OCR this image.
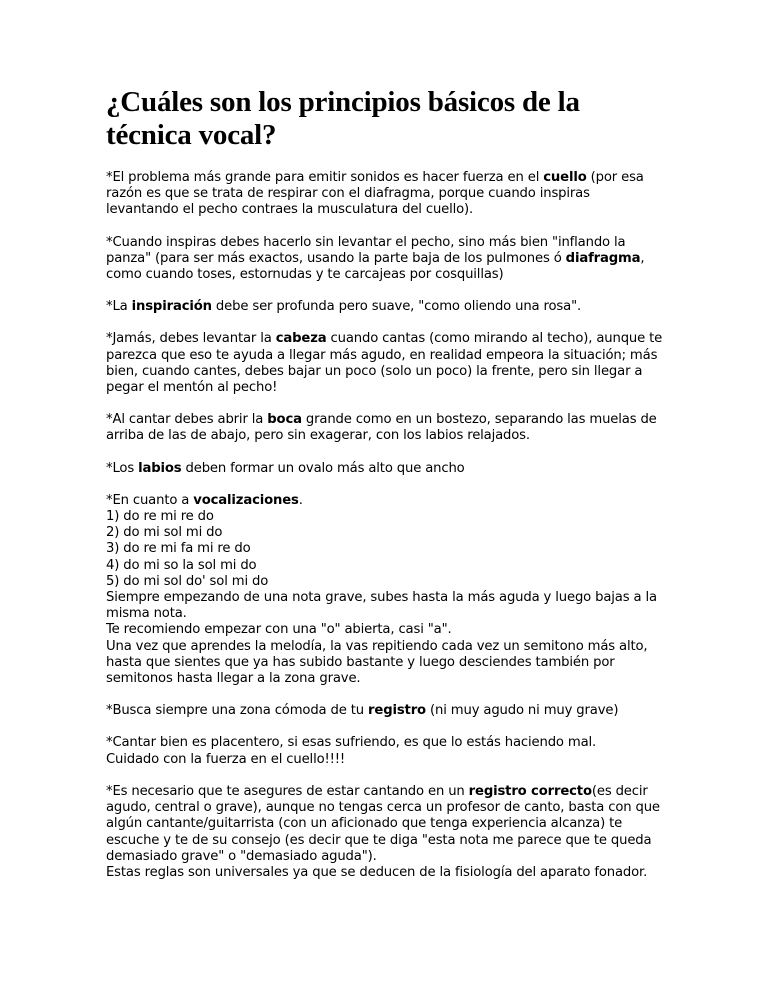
¿Cuáles son los principios básicos de la técnica vocal?

*El problema más grande para emitir sonidos es hacer fuerza en el cuello (por esa razón es que se trata de respirar con el diafragma, porque cuando inspiras levantando el pecho contraes la musculatura del cuello).

*Cuando inspiras debes hacerlo sin levantar el pecho, sino más bien "inflando la panza" (para ser más exactos, usando la parte baja de los pulmones ó diafragma, como cuando toses, estornudas y te carcajeas por cosquillas)

*La inspiración debe ser profunda pero suave, "como oliendo una rosa".

*Jamás, debes levantar la cabeza cuando cantas (como mirando al techo), aunque te parezca que eso te ayuda a llegar más agudo, en realidad empeora la situación; más bien, cuando cantes, debes bajar un poco (solo un poco) la frente, pero sin llegar a pegar el mentón al pecho!

*Al cantar debes abrir la boca grande como en un bostezo, separando las muelas de arriba de las de abajo, pero sin exagerar, con los labios relajados.

*Los labios deben formar un ovalo más alto que ancho

*En cuanto a vocalizaciones.
1) do re mi re do
2) do mi sol mi do
3) do re mi fa mi re do
4) do mi so la sol mi do
5) do mi sol do' sol mi do
Siempre empezando de una nota grave, subes hasta la más aguda y luego bajas a la misma nota.
Te recomiendo empezar con una "o" abierta, casi "a".
Una vez que aprendes la melodía, la vas repitiendo cada vez un semitono más alto, hasta que sientes que ya has subido bastante y luego desciendes también por semitonos hasta llegar a la zona grave.

*Busca siempre una zona cómoda de tu registro (ni muy agudo ni muy grave)

*Cantar bien es placentero, si esas sufriendo, es que lo estás haciendo mal.
Cuidado con la fuerza en el cuello!!!!

*Es necesario que te asegures de estar cantando en un registro correcto(es decir agudo, central o grave), aunque no tengas cerca un profesor de canto, basta con que algún cantante/guitarrista (con un aficionado que tenga experiencia alcanza) te escuche y te de su consejo (es decir que te diga "esta nota me parece que te queda demasiado grave" o "demasiado aguda").
Estas reglas son universales ya que se deducen de la fisiología del aparato fonador.
